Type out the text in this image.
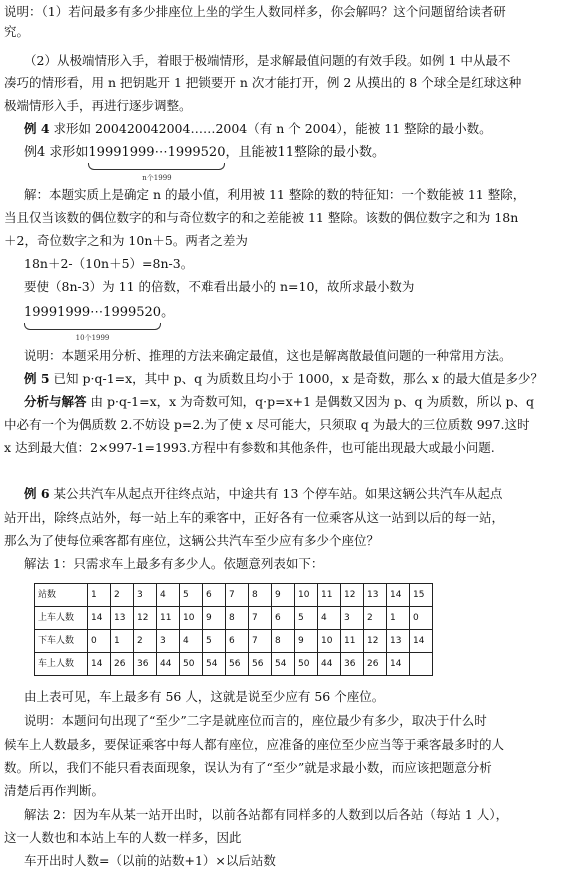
说明：（1）若问最多有多少排座位上坐的学生人数同样多，你会解吗？这个问题留给读者研
究。
（2）从极端情形入手，着眼于极端情形，是求解最值问题的有效手段。如例 1 中从最不
凑巧的情形看，用 n 把钥匙开 1 把锁要开 n 次才能打开，例 2 从摸出的 8 个球全是红球这种
极端情形入手，再进行逐步调整。
例 4 求形如 200420042004……2004（有 n 个 2004），能被 11 整除的最小数。
例4 求形如19991999⋯1999520
n个1999
，且能被11整除的最小数。
解：本题实质上是确定 n 的最小值，利用被 11 整除的数的特征知：一个数能被 11 整除，
当且仅当该数的偶位数字的和与奇位数字的和之差能被 11 整除。该数的偶位数字之和为 18n
＋2，奇位数字之和为 10n＋5。两者之差为
18n＋2-（10n＋5）=8n-3。
要使（8n-3）为 11 的倍数，不难看出最小的 n=10，故所求最小数为
19991999⋯1999520
10个1999
。
说明：本题采用分析、推理的方法来确定最值，这也是解离散最值问题的一种常用方法。
例 5 已知 p·q-1=x，其中 p、q 为质数且均小于 1000，x 是奇数，那么 x 的最大值是多少？
分析与解答 由 p·q-1=x，x 为奇数可知，q·p=x+1 是偶数又因为 p、q 为质数，所以 p、q
中必有一个为偶质数 2.不妨设 p=2.为了使 x 尽可能大，只须取 q 为最大的三位质数 997.这时
x 达到最大值：2×997-1=1993.方程中有参数和其他条件，也可能出现最大或最小问题.
例 6 某公共汽车从起点开往终点站，中途共有 13 个停车站。如果这辆公共汽车从起点
站开出，除终点站外，每一站上车的乘客中，正好各有一位乘客从这一站到以后的每一站，
那么为了使每位乘客都有座位，这辆公共汽车至少应有多少个座位？
解法 1：只需求车上最多有多少人。依题意列表如下：
站数	1	2	3	4	5	6	7	8	9	10	11	12	13	14	15
上车人数	14	13	12	11	10	9	8	7	6	5	4	3	2	1	0
下车人数	0	1	2	3	4	5	6	7	8	9	10	11	12	13	14
车上人数	14	26	36	44	50	54	56	56	54	50	44	36	26	14	
由上表可见，车上最多有 56 人，这就是说至少应有 56 个座位。
说明：本题问句出现了“至少”二字是就座位而言的，座位最少有多少，取决于什么时
候车上人数最多，要保证乘客中每人都有座位，应准备的座位至少应当等于乘客最多时的人
数。所以，我们不能只看表面现象，误认为有了“至少”就是求最小数，而应该把题意分析
清楚后再作判断。
解法 2：因为车从某一站开出时，以前各站都有同样多的人数到以后各站（每站 1 人），
这一人数也和本站上车的人数一样多，因此
车开出时人数=（以前的站数+1）×以后站数
